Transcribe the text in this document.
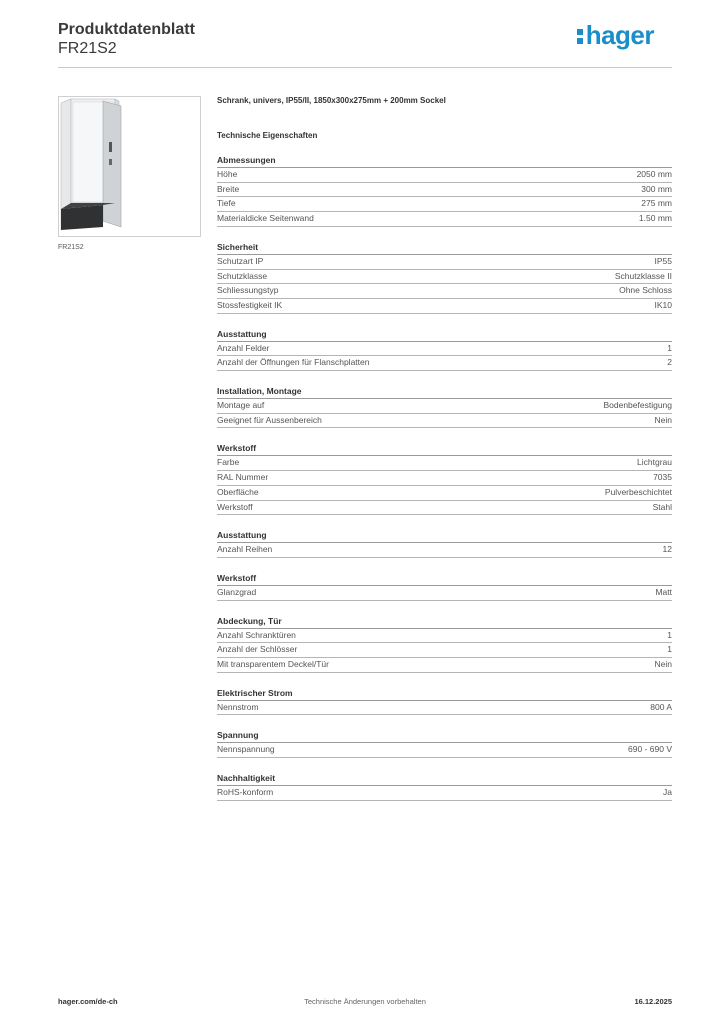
Produktdatenblatt
FR21S2	hager
FR21S2
Schrank, univers, IP55/II, 1850x300x275mm + 200mm Sockel
Technische Eigenschaften
Abmessungen
Höhe	2050 mm
Breite	300 mm
Tiefe	275 mm
Materialdicke Seitenwand	1.50 mm
Sicherheit
Schutzart IP	IP55
Schutzklasse	Schutzklasse II
Schliessungstyp	Ohne Schloss
Stossfestigkeit IK	IK10
Ausstattung
Anzahl Felder	1
Anzahl der Öffnungen für Flanschplatten	2
Installation, Montage
Montage auf	Bodenbefestigung
Geeignet für Aussenbereich	Nein
Werkstoff
Farbe	Lichtgrau
RAL Nummer	7035
Oberfläche	Pulverbeschichtet
Werkstoff	Stahl
Ausstattung
Anzahl Reihen	12
Werkstoff
Glanzgrad	Matt
Abdeckung, Tür
Anzahl Schranktüren	1
Anzahl der Schlösser	1
Mit transparentem Deckel/Tür	Nein
Elektrischer Strom
Nennstrom	800 A
Spannung
Nennspannung	690 - 690 V
Nachhaltigkeit
RoHS-konform	Ja
hager.com/de-ch	Technische Änderungen vorbehalten	16.12.2025
